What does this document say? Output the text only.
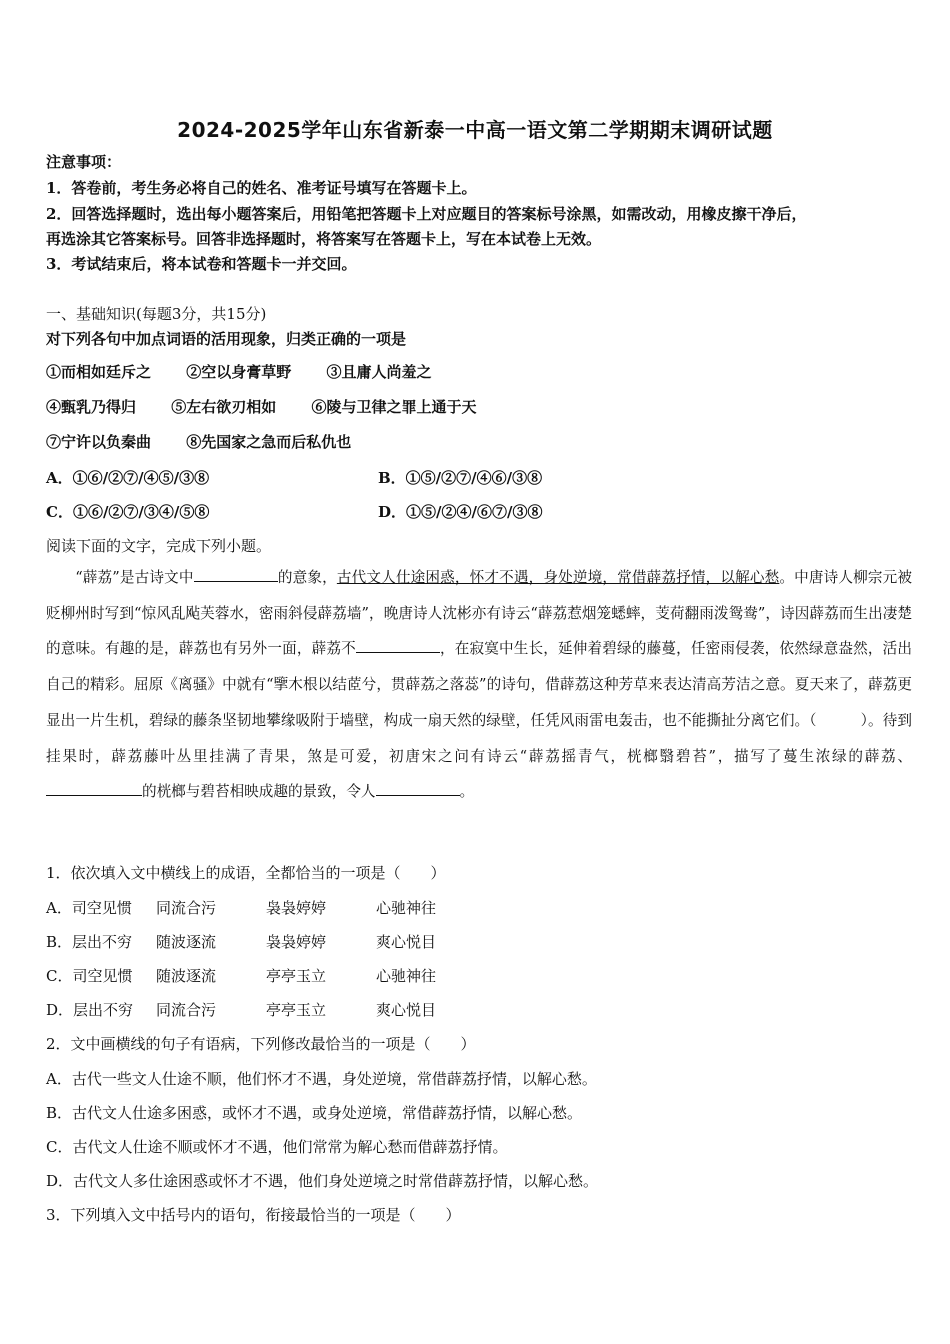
2024-2025学年山东省新泰一中高一语文第二学期期末调研试题
注意事项：
1．答卷前，考生务必将自己的姓名、准考证号填写在答题卡上。
2．回答选择题时，选出每小题答案后，用铅笔把答题卡上对应题目的答案标号涂黑，如需改动，用橡皮擦干净后，
再选涂其它答案标号。回答非选择题时，将答案写在答题卡上，写在本试卷上无效。
3．考试结束后，将本试卷和答题卡一并交回。
一、基础知识(每题3分，共15分)
对下列各句中加点词语的活用现象，归类正确的一项是
①而相如廷斥之 ②空以身膏草野 ③且庸人尚羞之
④甄乳乃得归 ⑤左右欲刃相如 ⑥陵与卫律之罪上通于天
⑦宁许以负秦曲 ⑧先国家之急而后私仇也
A．①⑥/②⑦/④⑤/③⑧	B．①⑤/②⑦/④⑥/③⑧
C．①⑥/②⑦/③④/⑤⑧	D．①⑤/②④/⑥⑦/③⑧
阅读下面的文字，完成下列小题。
“薜荔”是古诗文中	的意象，古代文人仕途困惑，怀才不遇，身处逆境，常借薜荔抒情，以解心愁。中唐诗人柳宗元被贬柳州时写到“惊风乱飐芙蓉水，密雨斜侵薜荔墙”，晚唐诗人沈彬亦有诗云“薜荔惹烟笼蟋蟀，芰荷翻雨泼鸳鸯”，诗因薜荔而生出凄楚的意味。有趣的是，薜荔也有另外一面，薜荔不	，在寂寞中生长，延伸着碧绿的藤蔓，任密雨侵袭，依然绿意盎然，活出自己的精彩。屈原《离骚》中就有“擥木根以结茝兮，贯薜荔之落蕊”的诗句，借薜荔这种芳草来表达清高芳洁之意。夏天来了，薜荔更显出一片生机，碧绿的藤条坚韧地攀缘吸附于墙壁，构成一扇天然的绿壁，任凭风雨雷电轰击，也不能撕扯分离它们。（	）。待到挂果时，薜荔藤叶丛里挂满了青果，煞是可爱，初唐宋之问有诗云“薜荔摇青气，桄榔翳碧苔”，描写了蔓生浓绿的薜荔、的桄榔与碧苔相映成趣的景致，令人	。
1．依次填入文中横线上的成语，全都恰当的一项是（　　）
A．司空见惯 同流合污	袅袅婷婷	心驰神往
B．层出不穷 随波逐流	袅袅婷婷	爽心悦目
C．司空见惯 随波逐流	亭亭玉立	心驰神往
D．层出不穷 同流合污	亭亭玉立	爽心悦目
2．文中画横线的句子有语病，下列修改最恰当的一项是（　　）
A．古代一些文人仕途不顺，他们怀才不遇，身处逆境，常借薜荔抒情，以解心愁。
B．古代文人仕途多困惑，或怀才不遇，或身处逆境，常借薜荔抒情，以解心愁。
C．古代文人仕途不顺或怀才不遇，他们常常为解心愁而借薜荔抒情。
D．古代文人多仕途困惑或怀才不遇，他们身处逆境之时常借薜荔抒情，以解心愁。
3．下列填入文中括号内的语句，衔接最恰当的一项是（　　）
